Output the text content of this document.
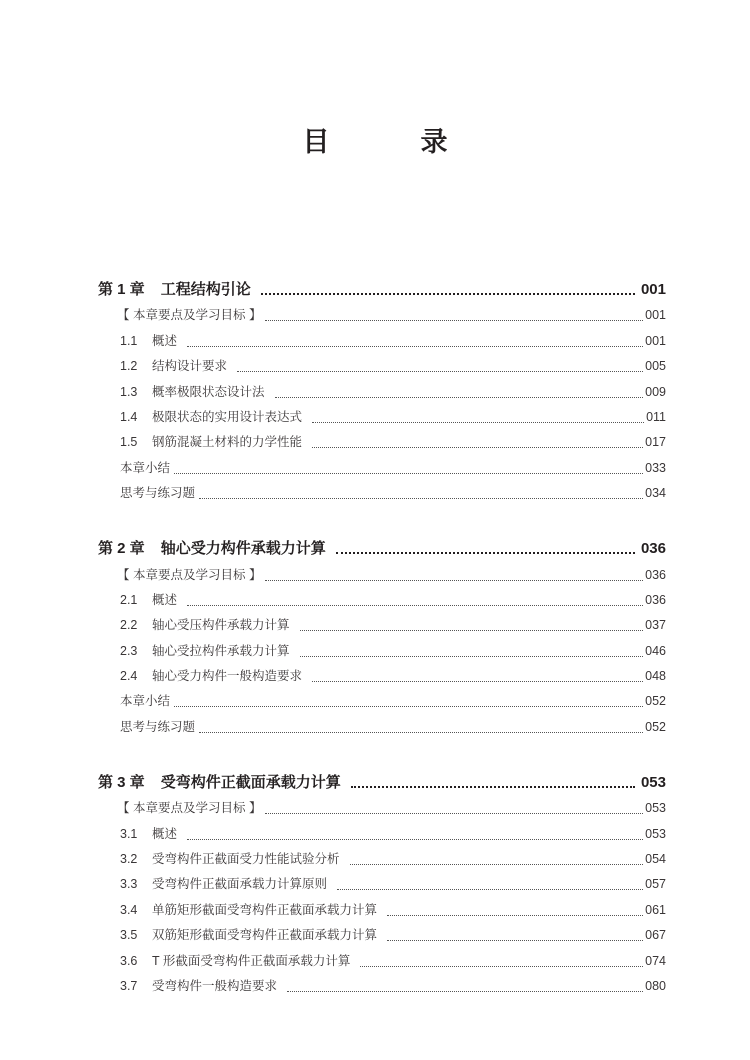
目　录
第 1 章 工程结构引论	001
【 本章要点及学习目标 】	001
1.1 概述	001
1.2 结构设计要求	005
1.3 概率极限状态设计法	009
1.4 极限状态的实用设计表达式	011
1.5 钢筋混凝土材料的力学性能	017
本章小结	033
思考与练习题	034
第 2 章 轴心受力构件承载力计算	036
【 本章要点及学习目标 】	036
2.1 概述	036
2.2 轴心受压构件承载力计算	037
2.3 轴心受拉构件承载力计算	046
2.4 轴心受力构件一般构造要求	048
本章小结	052
思考与练习题	052
第 3 章 受弯构件正截面承载力计算	053
【 本章要点及学习目标 】	053
3.1 概述	053
3.2 受弯构件正截面受力性能试验分析	054
3.3 受弯构件正截面承载力计算原则	057
3.4 单筋矩形截面受弯构件正截面承载力计算	061
3.5 双筋矩形截面受弯构件正截面承载力计算	067
3.6 T 形截面受弯构件正截面承载力计算	074
3.7 受弯构件一般构造要求	080
